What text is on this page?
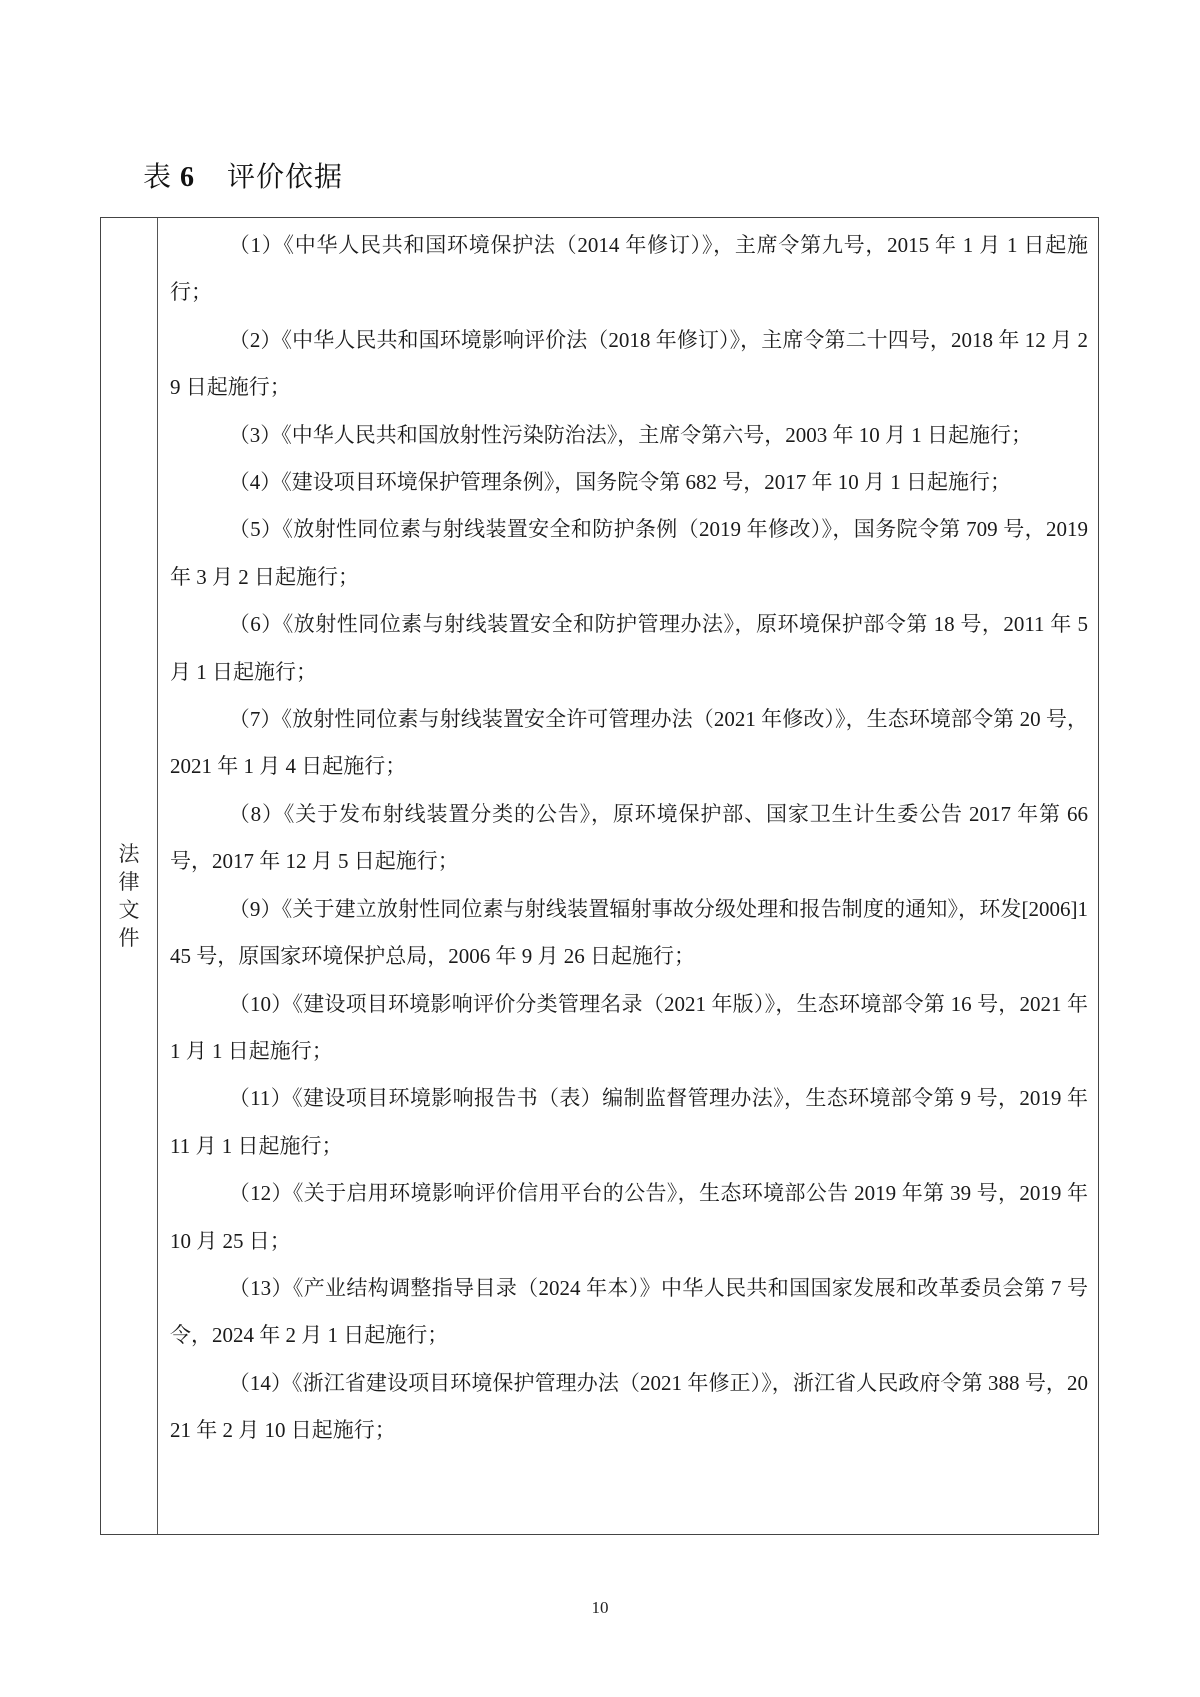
表 6 评价依据
法
律
文
件

（1）《中华人民共和国环境保护法（2014 年修订）》，主席令第九号，2015 年 1 月 1 日起施行；

（2）《中华人民共和国环境影响评价法（2018 年修订）》，主席令第二十四号，2018 年 12 月 29 日起施行；

（3）《中华人民共和国放射性污染防治法》，主席令第六号，2003 年 10 月 1 日起施行；

（4）《建设项目环境保护管理条例》，国务院令第 682 号，2017 年 10 月 1 日起施行；

（5）《放射性同位素与射线装置安全和防护条例（2019 年修改）》，国务院令第 709 号，2019 年 3 月 2 日起施行；

（6）《放射性同位素与射线装置安全和防护管理办法》，原环境保护部令第 18 号，2011 年 5 月 1 日起施行；

（7）《放射性同位素与射线装置安全许可管理办法（2021 年修改）》，生态环境部令第 20 号，2021 年 1 月 4 日起施行；

（8）《关于发布射线装置分类的公告》，原环境保护部、国家卫生计生委公告 2017 年第 66 号，2017 年 12 月 5 日起施行；

（9）《关于建立放射性同位素与射线装置辐射事故分级处理和报告制度的通知》，环发[2006]145 号，原国家环境保护总局，2006 年 9 月 26 日起施行；

（10）《建设项目环境影响评价分类管理名录（2021 年版）》，生态环境部令第 16 号，2021 年 1 月 1 日起施行；

（11）《建设项目环境影响报告书（表）编制监督管理办法》，生态环境部令第 9 号，2019 年 11 月 1 日起施行；

（12）《关于启用环境影响评价信用平台的公告》，生态环境部公告 2019 年第 39 号，2019 年 10 月 25 日；

（13）《产业结构调整指导目录（2024 年本）》中华人民共和国国家发展和改革委员会第 7 号令，2024 年 2 月 1 日起施行；

（14）《浙江省建设项目环境保护管理办法（2021 年修正）》，浙江省人民政府令第 388 号，2021 年 2 月 10 日起施行；

10
